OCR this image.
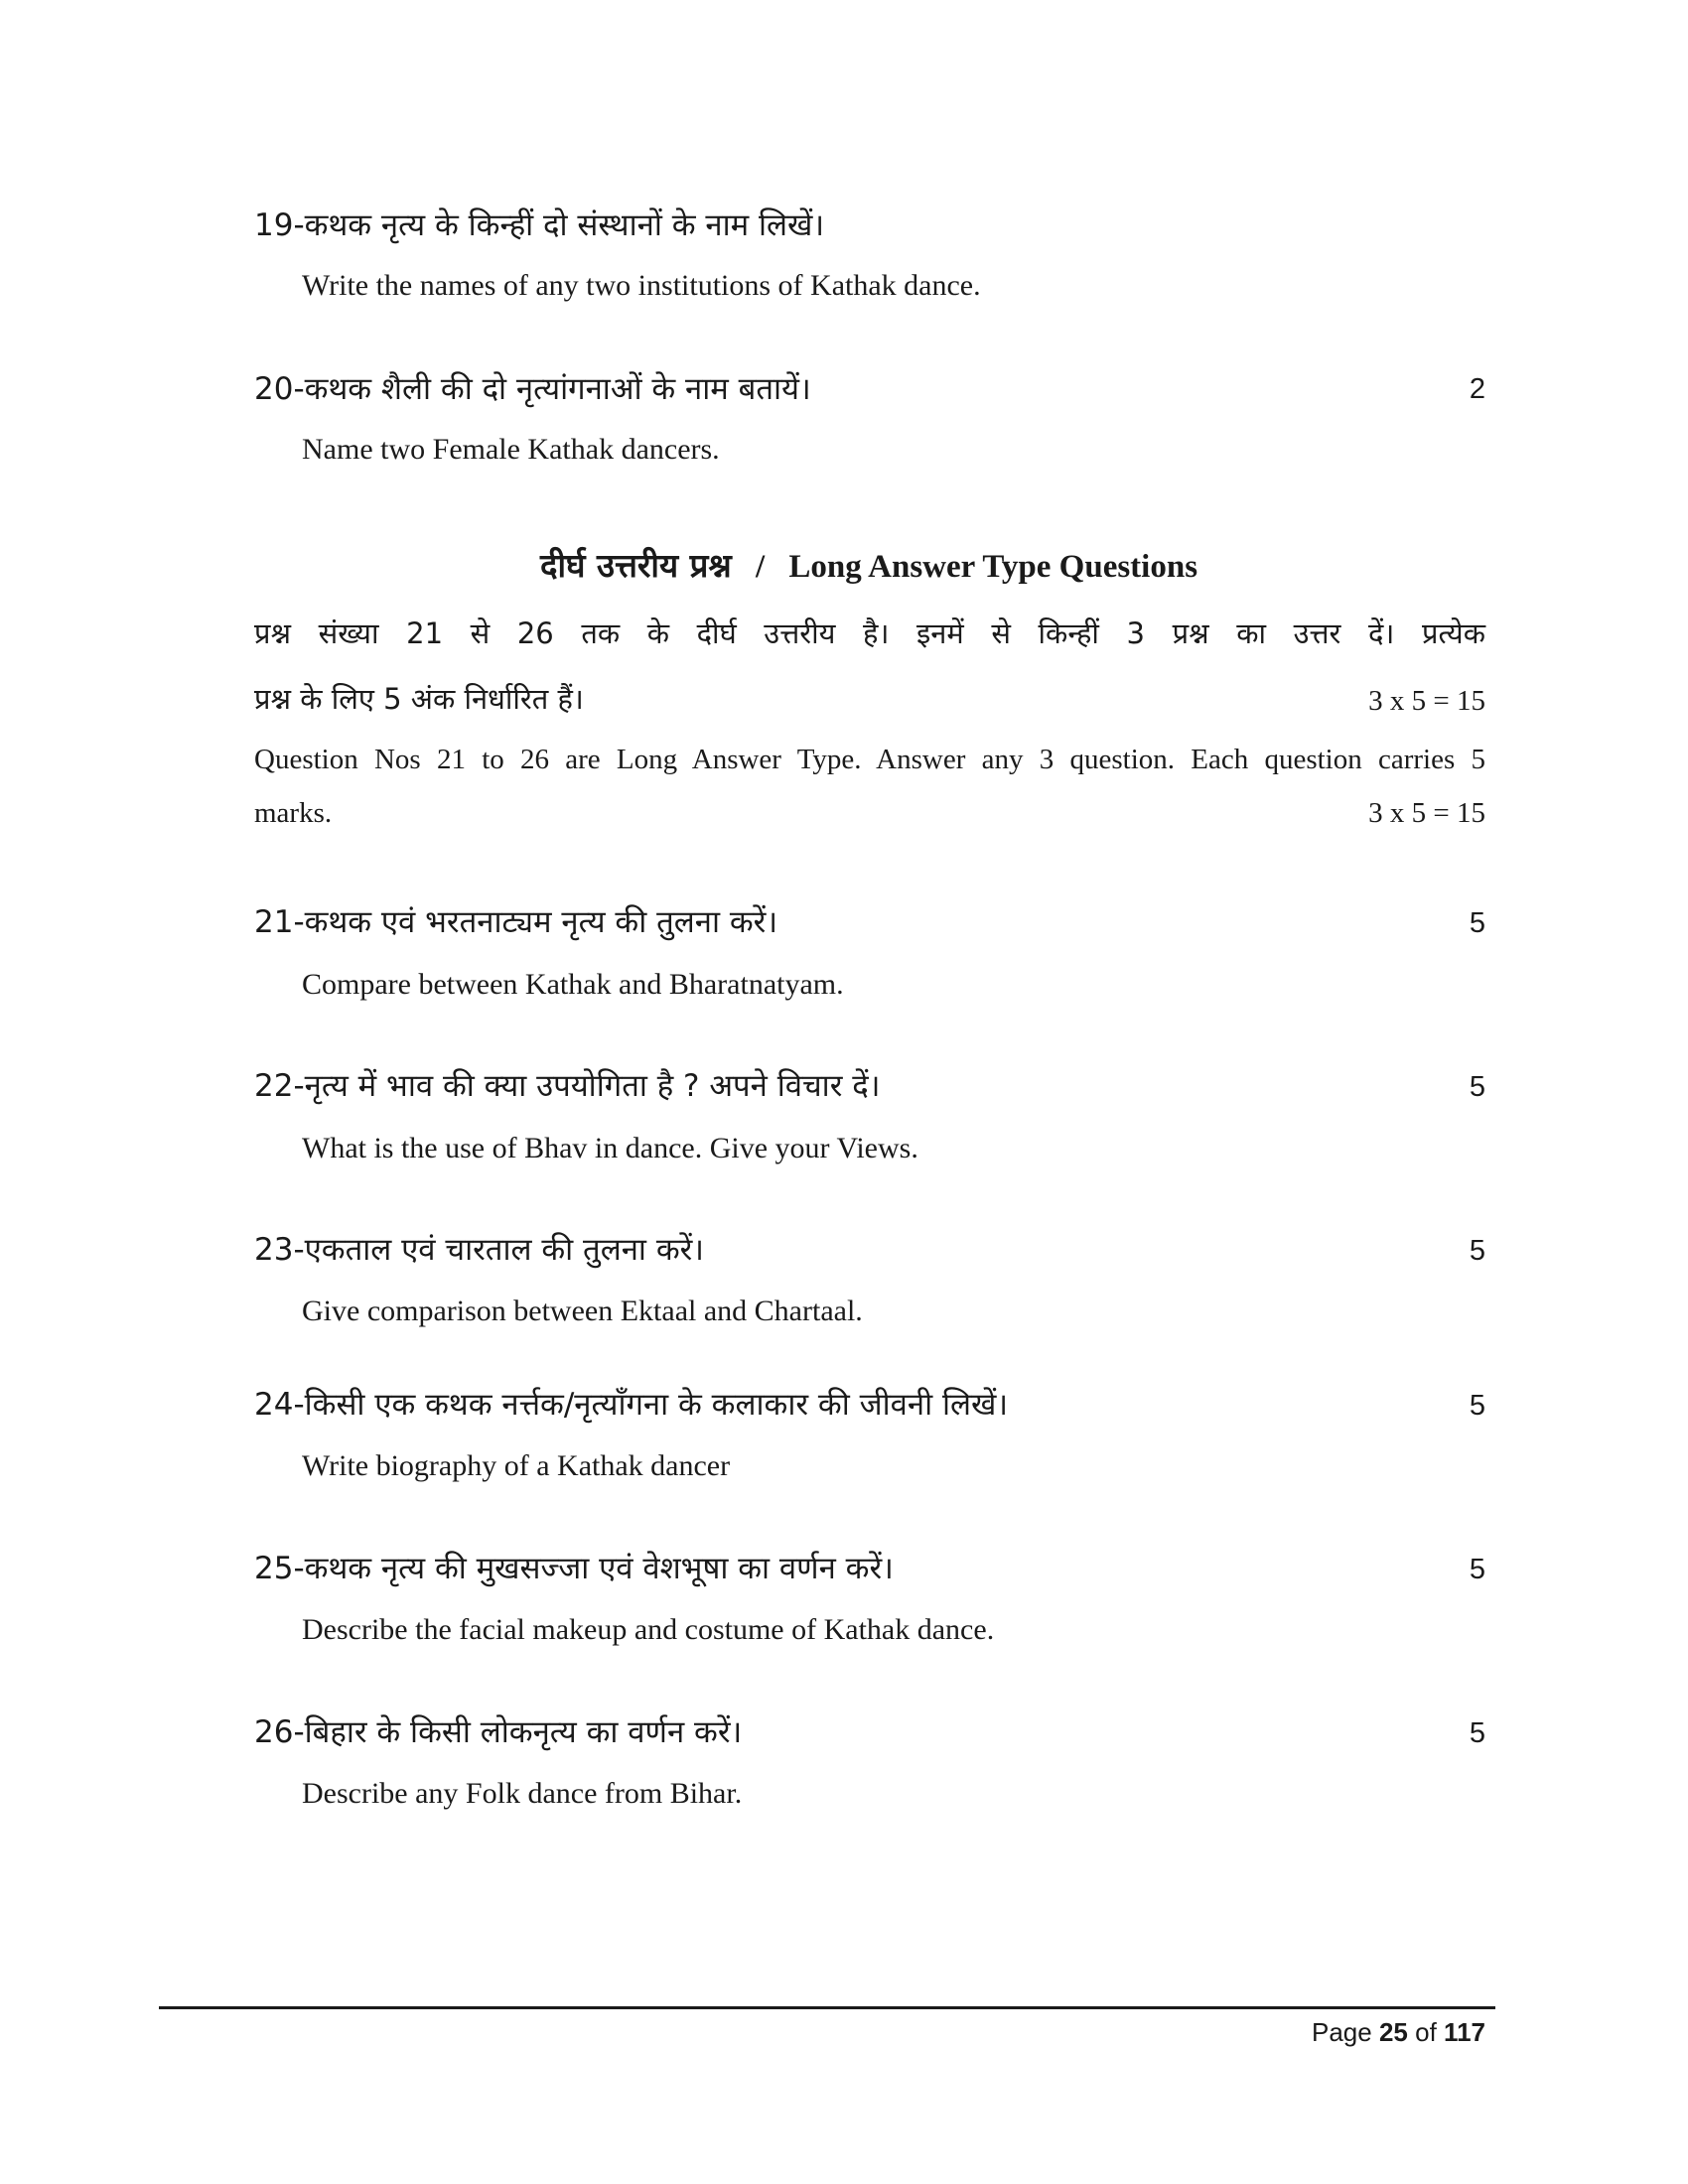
19-कथक नृत्य के किन्हीं दो संस्थानों के नाम लिखें।
Write the names of any two institutions of Kathak dance.
20-कथक शैली की दो नृत्यांगनाओं के नाम बतायें।	2
Name two Female Kathak dancers.
दीर्घ उत्तरीय प्रश्न / Long Answer Type Questions
प्रश्न संख्या 21 से 26 तक के दीर्घ उत्तरीय है। इनमें से किन्हीं 3 प्रश्न का उत्तर दें। प्रत्येक
प्रश्न के लिए 5 अंक निर्धारित हैं।	3 x 5 = 15
Question Nos 21 to 26 are Long Answer Type. Answer any 3 question. Each question carries 5
marks.	3 x 5 = 15
21-कथक एवं भरतनाट्यम नृत्य की तुलना करें।	5
Compare between Kathak and Bharatnatyam.
22-नृत्य में भाव की क्या उपयोगिता है ? अपने विचार दें।	5
What is the use of Bhav in dance. Give your Views.
23-एकताल एवं चारताल की तुलना करें।	5
Give comparison between Ektaal and Chartaal.
24-किसी एक कथक नर्त्तक/नृत्याँगना के कलाकार की जीवनी लिखें।	5
Write biography of a Kathak dancer
25-कथक नृत्य की मुखसज्जा एवं वेशभूषा का वर्णन करें।	5
Describe the facial makeup and costume of Kathak dance.
26-बिहार के किसी लोकनृत्य का वर्णन करें।	5
Describe any Folk dance from Bihar.
Page 25 of 117
